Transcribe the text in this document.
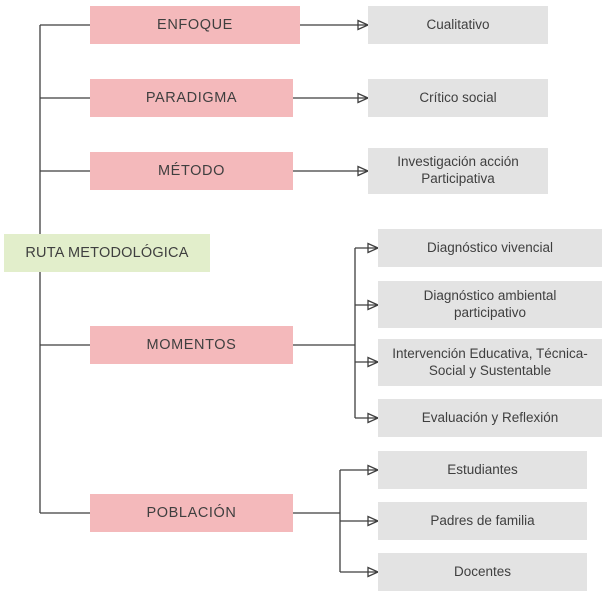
RUTA METODOLÓGICA
ENFOQUE
PARADIGMA
MÉTODO
MOMENTOS
POBLACIÓN
Cualitativo
Crítico social
Investigación acción Participativa
Diagnóstico vivencial
Diagnóstico ambiental participativo
Intervención Educativa, Técnica-Social y Sustentable
Evaluación y Reflexión
Estudiantes
Padres de familia
Docentes
